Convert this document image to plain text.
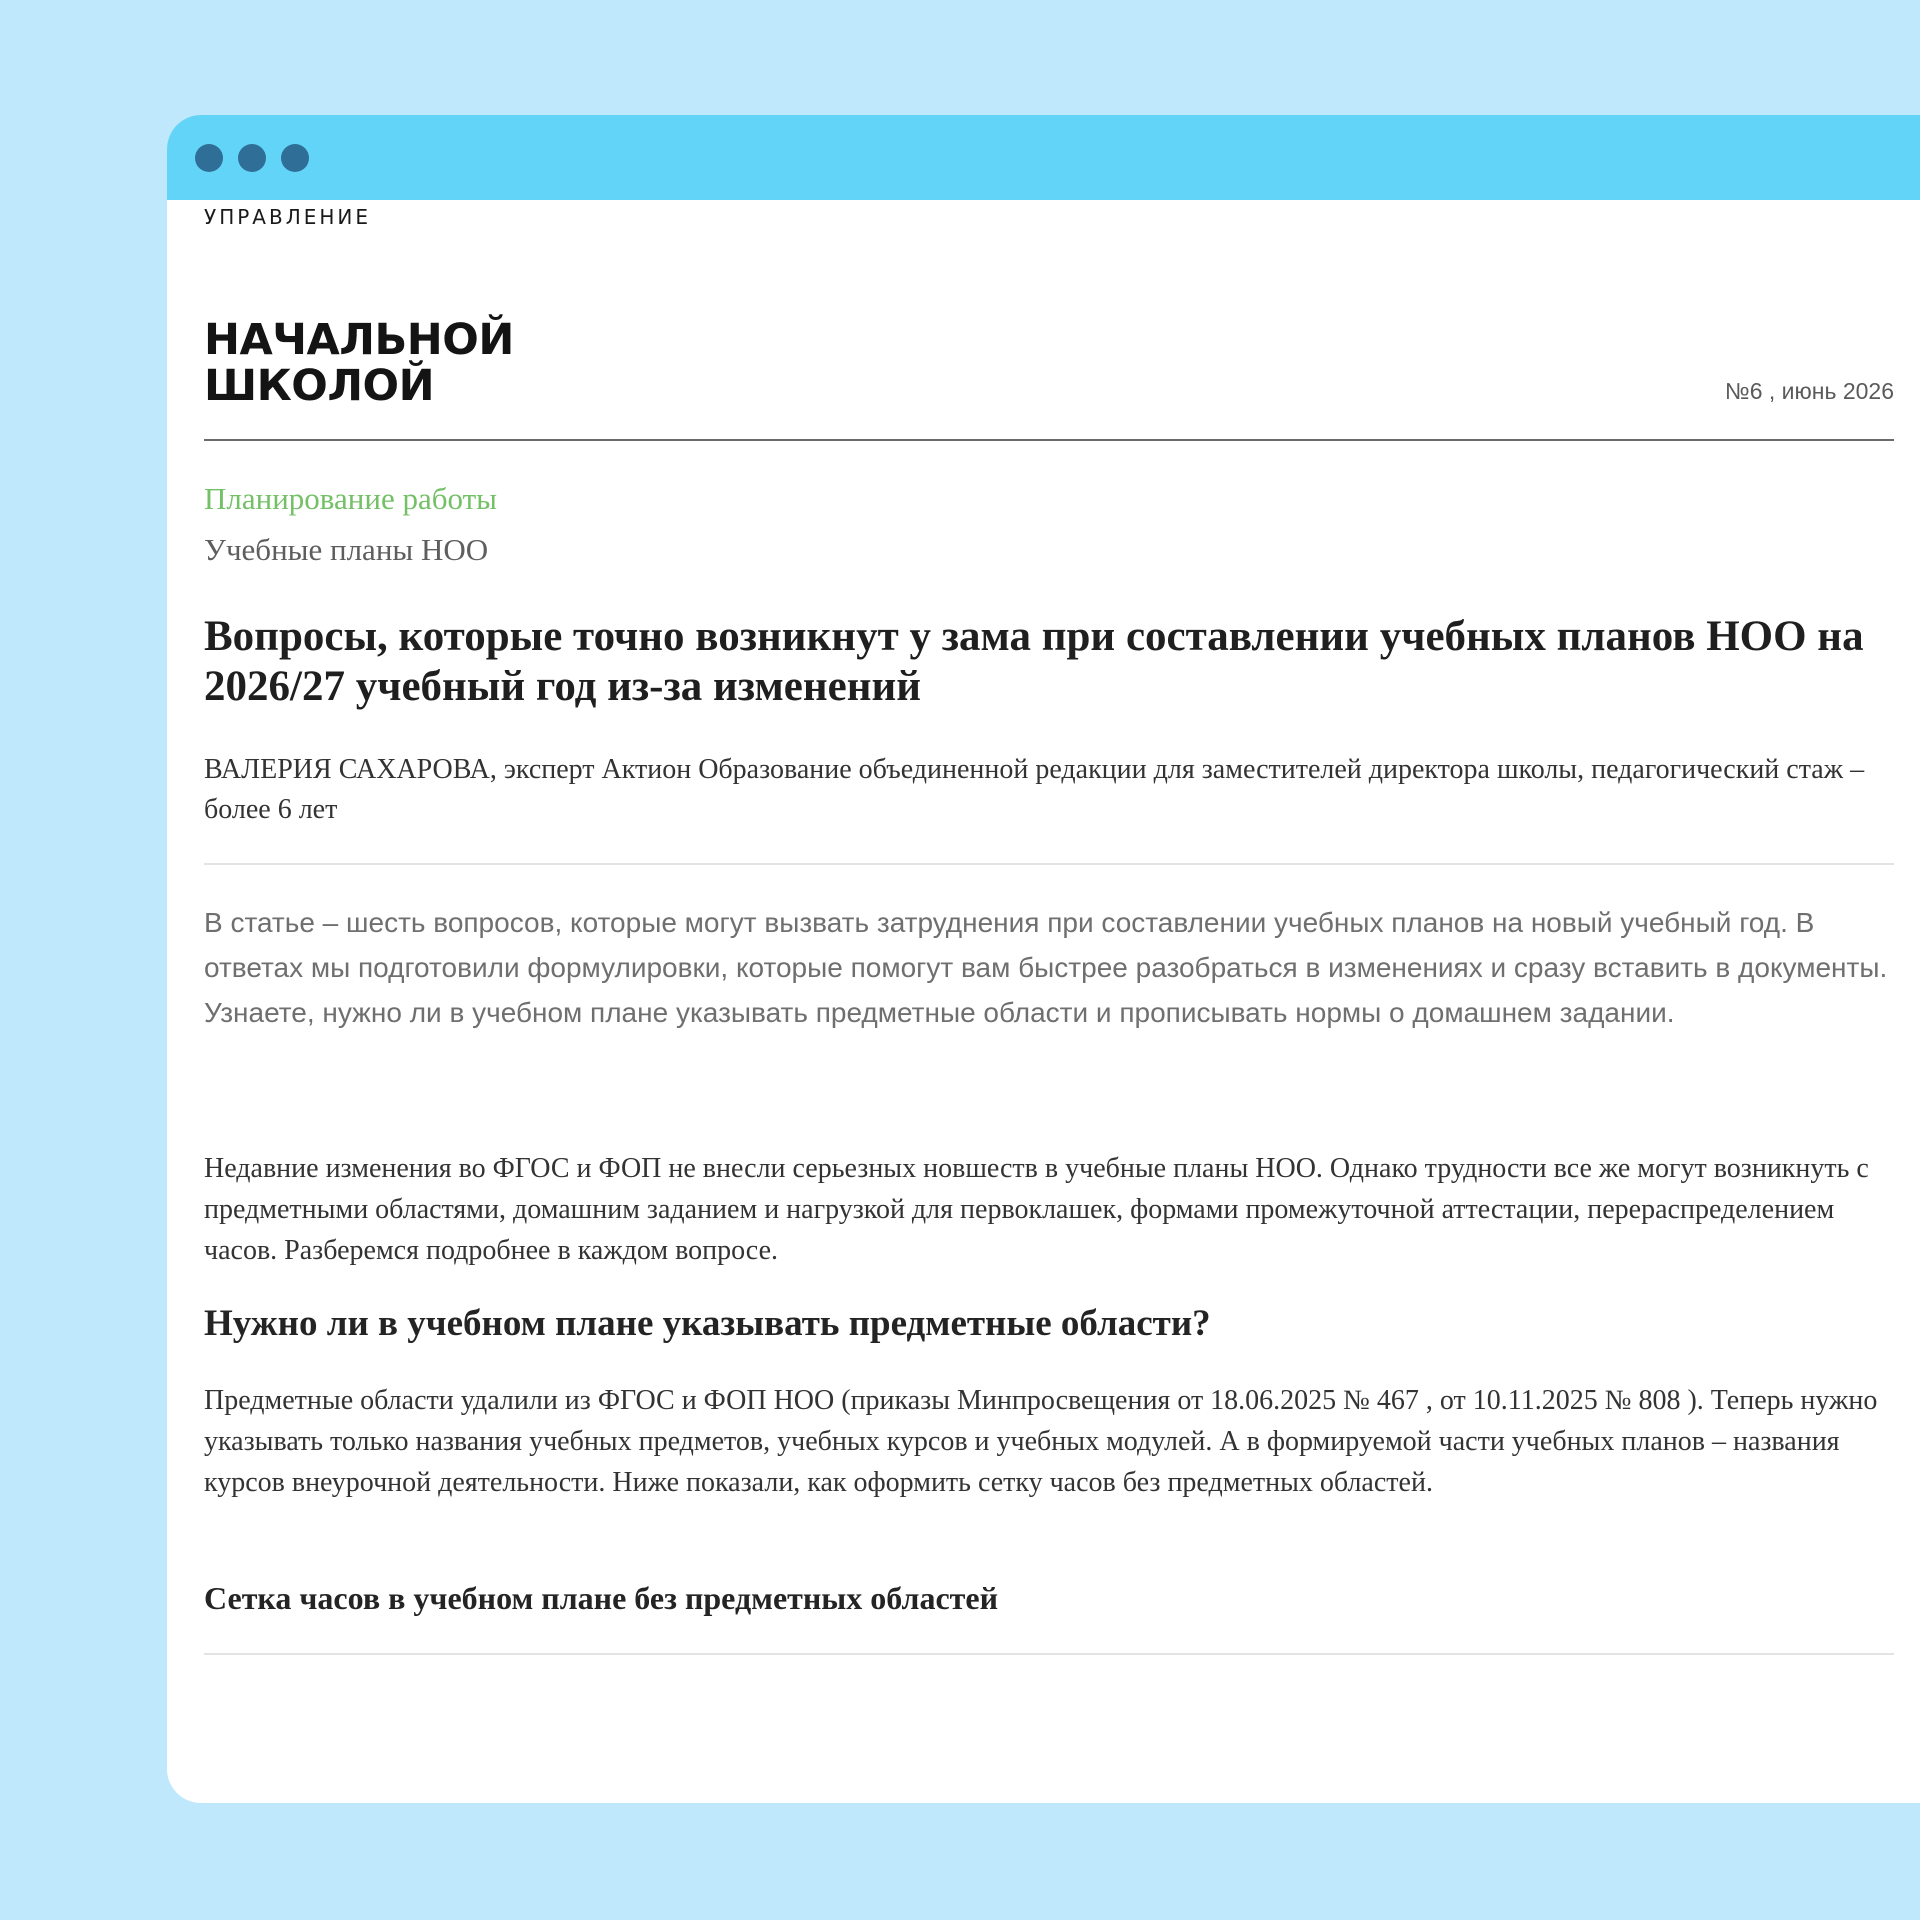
УПРАВЛЕНИЕ
НАЧАЛЬНОЙ
ШКОЛОЙ	№6 , июнь 2026
Планирование работы
Учебные планы НОО
Вопросы, которые точно возникнут у зама при составлении учебных планов НОО на 2026/27 учебный год из-за изменений
ВАЛЕРИЯ САХАРОВА, эксперт Актион Образование объединенной редакции для заместителей директора школы, педагогический стаж – более 6 лет
В статье – шесть вопросов, которые могут вызвать затруднения при составлении учебных планов на новый учебный год. В ответах мы подготовили формулировки, которые помогут вам быстрее разобраться в изменениях и сразу вставить в документы. Узнаете, нужно ли в учебном плане указывать предметные области и прописывать нормы о домашнем задании.
Недавние изменения во ФГОС и ФОП не внесли серьезных новшеств в учебные планы НОО. Однако трудности все же могут возникнуть с предметными областями, домашним заданием и нагрузкой для первоклашек, формами промежуточной аттестации, перераспределением часов. Разберемся подробнее в каждом вопросе.
Нужно ли в учебном плане указывать предметные области?
Предметные области удалили из ФГОС и ФОП НОО (приказы Минпросвещения от 18.06.2025 № 467 , от 10.11.2025 № 808 ). Теперь нужно указывать только названия учебных предметов, учебных курсов и учебных модулей. А в формируемой части учебных планов – названия курсов внеурочной деятельности. Ниже показали, как оформить сетку часов без предметных областей.
Сетка часов в учебном плане без предметных областей
